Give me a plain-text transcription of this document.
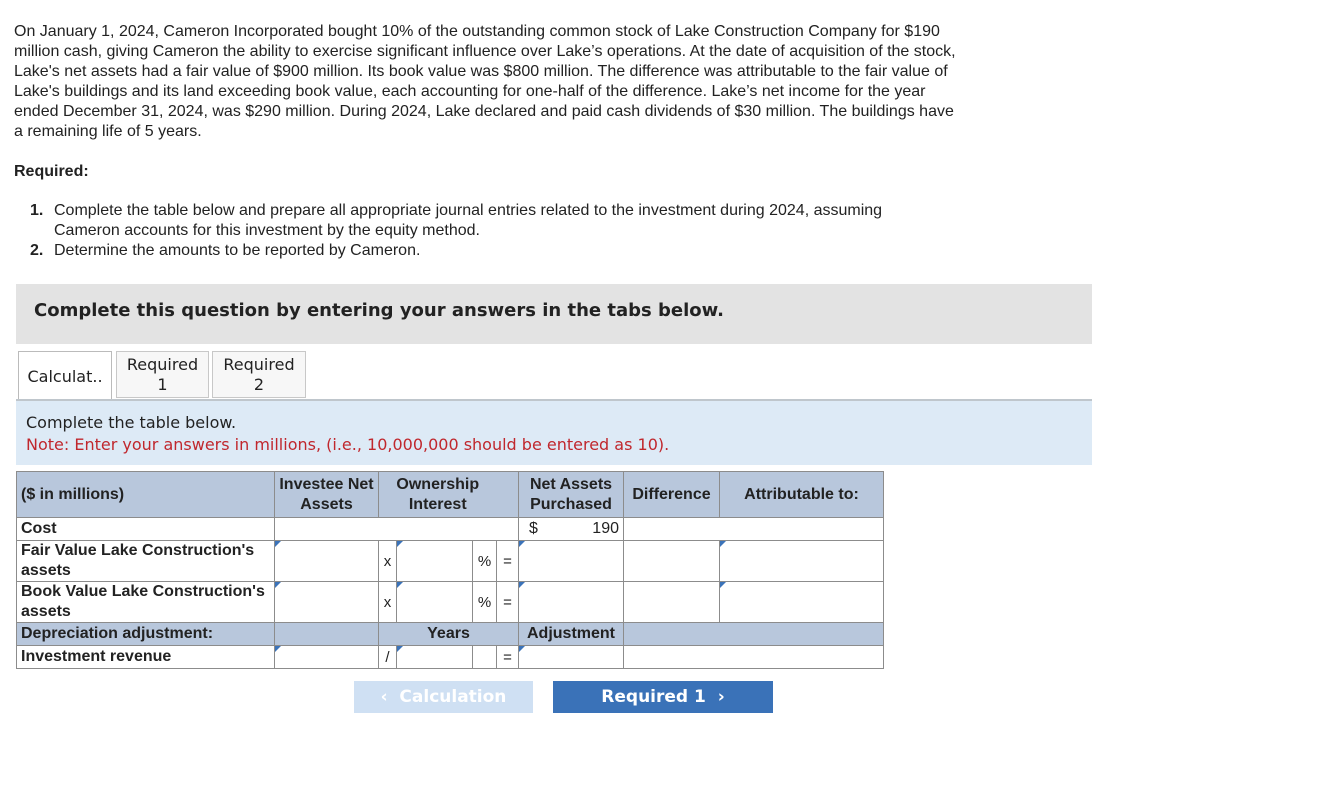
On January 1, 2024, Cameron Incorporated bought 10% of the outstanding common stock of Lake Construction Company for $190 million cash, giving Cameron the ability to exercise significant influence over Lake’s operations. At the date of acquisition of the stock, Lake's net assets had a fair value of $900 million. Its book value was $800 million. The difference was attributable to the fair value of Lake's buildings and its land exceeding book value, each accounting for one-half of the difference. Lake’s net income for the year ended December 31, 2024, was $290 million. During 2024, Lake declared and paid cash dividends of $30 million. The buildings have a remaining life of 5 years.
Required:
1. Complete the table below and prepare all appropriate journal entries related to the investment during 2024, assuming Cameron accounts for this investment by the equity method.
2. Determine the amounts to be reported by Cameron.
Complete this question by entering your answers in the tabs below.
Calculat..
Required
1
Required
2
Complete the table below.
Note: Enter your answers in millions, (i.e., 10,000,000 should be entered as 10).
($ in millions)	Investee Net Assets	Ownership Interest				Net Assets Purchased	Difference	Attributable to:
Cost						$ 190		

Fair Value Lake Construction's assets		x		%	=			
Book Value Lake Construction's assets		x		%	=			
Depreciation adjustment:		Years				Adjustment		
Investment revenue		/			=			
‹ Calculation	Required 1 ›
